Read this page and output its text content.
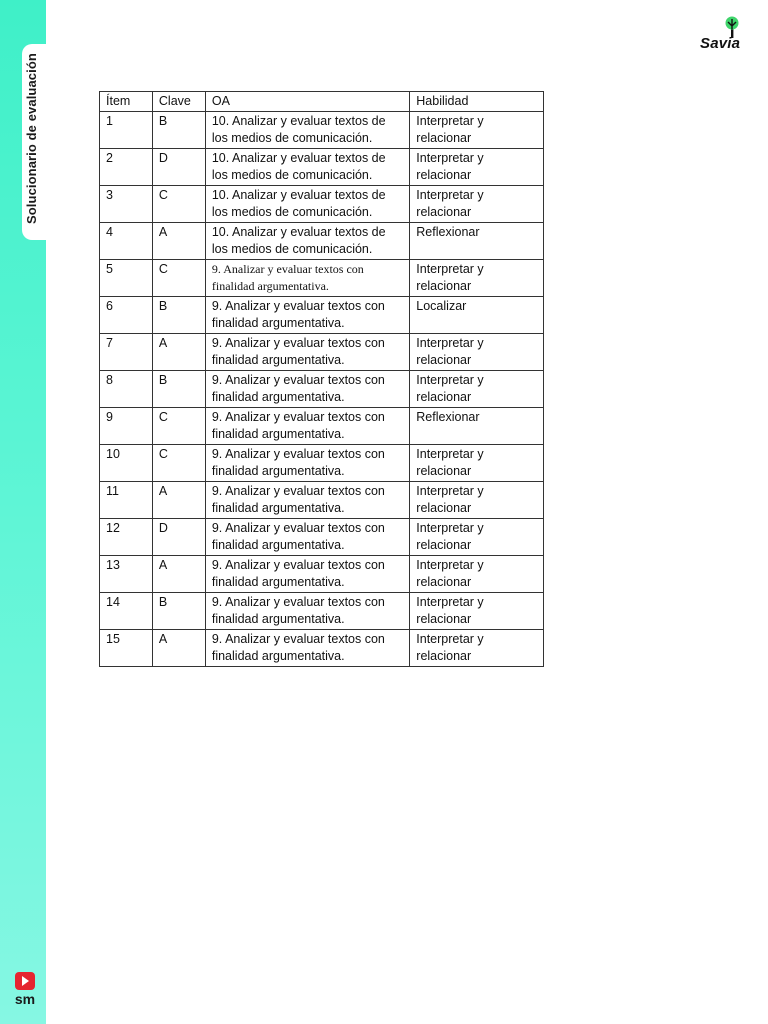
Solucionario de evaluación
sm
Savia
Ítem	Clave	OA	Habilidad
1	B	10. Analizar y evaluar textos de los medios de comunicación.	Interpretar y relacionar
2	D	10. Analizar y evaluar textos de los medios de comunicación.	Interpretar y relacionar
3	C	10. Analizar y evaluar textos de los medios de comunicación.	Interpretar y relacionar
4	A	10. Analizar y evaluar textos de los medios de comunicación.	Reflexionar
5	C	9. Analizar y evaluar textos con finalidad argumentativa.	Interpretar y relacionar
6	B	9. Analizar y evaluar textos con finalidad argumentativa.	Localizar
7	A	9. Analizar y evaluar textos con finalidad argumentativa.	Interpretar y relacionar
8	B	9. Analizar y evaluar textos con finalidad argumentativa.	Interpretar y relacionar
9	C	9. Analizar y evaluar textos con finalidad argumentativa.	Reflexionar
10	C	9. Analizar y evaluar textos con finalidad argumentativa.	Interpretar y relacionar
11	A	9. Analizar y evaluar textos con finalidad argumentativa.	Interpretar y relacionar
12	D	9. Analizar y evaluar textos con finalidad argumentativa.	Interpretar y relacionar
13	A	9. Analizar y evaluar textos con finalidad argumentativa.	Interpretar y relacionar
14	B	9. Analizar y evaluar textos con finalidad argumentativa.	Interpretar y relacionar
15	A	9. Analizar y evaluar textos con finalidad argumentativa.	Interpretar y relacionar
